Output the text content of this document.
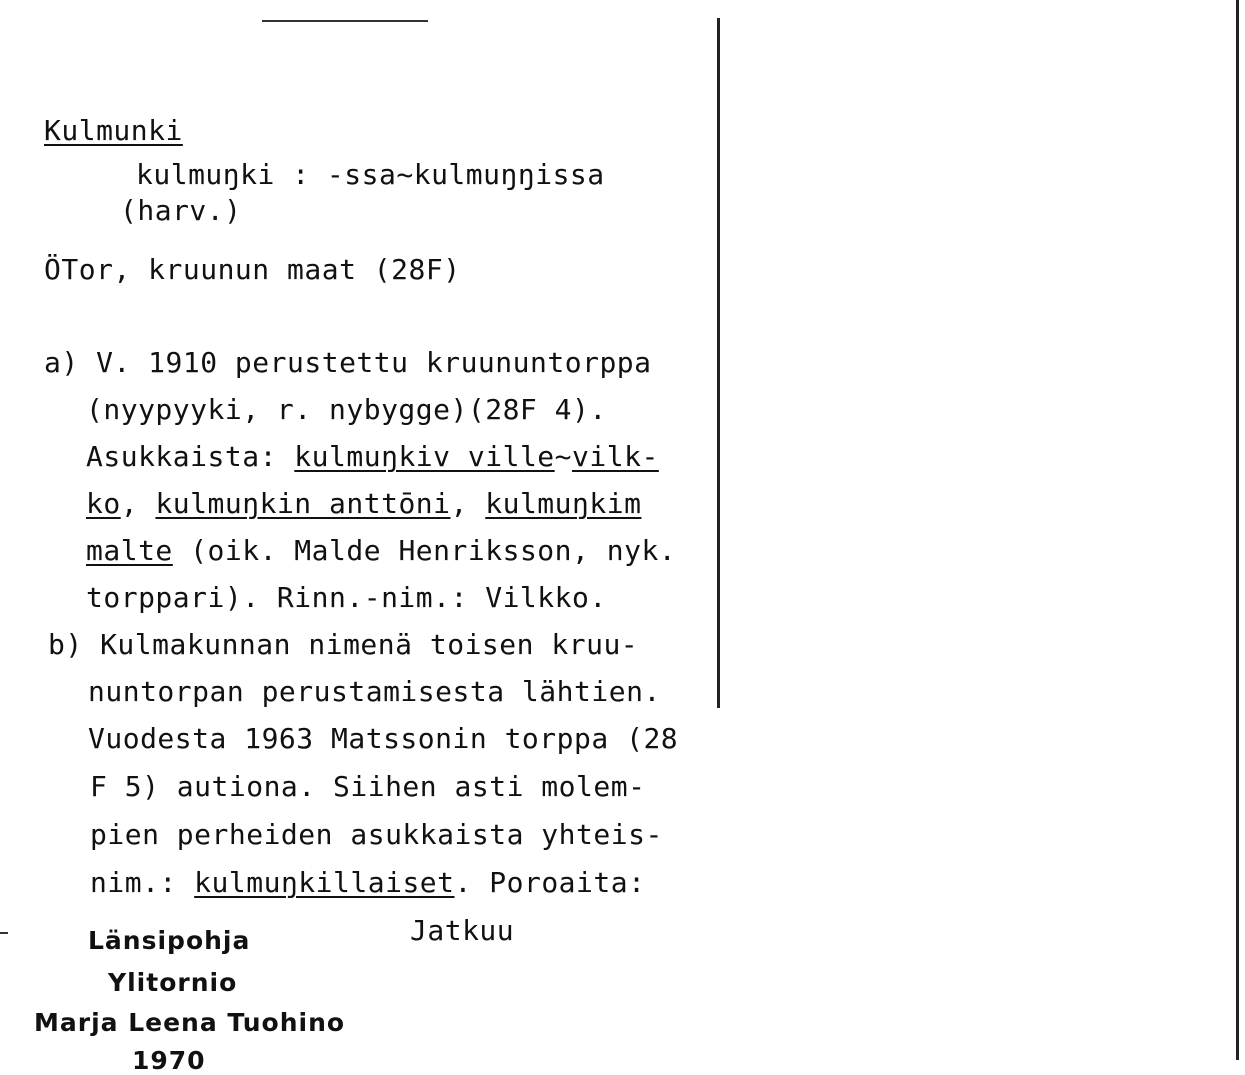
Kulmunki
kulmuŋki : -ssa~kulmuŋŋissa
(harv.)
ÖTor, kruunun maat (28F)
a) V. 1910 perustettu kruununtorppa
(nyypyyki, r. nybygge)(28F 4).
Asukkaista: kulmuŋkiv ville~vilk-
ko, kulmuŋkin anttōni, kulmuŋkim
malte (oik. Malde Henriksson, nyk.
torppari). Rinn.-nim.: Vilkko.
b) Kulmakunnan nimenä toisen kruu-
nuntorpan perustamisesta lähtien.
Vuodesta 1963 Matssonin torppa (28
F 5) autiona. Siihen asti molem-
pien perheiden asukkaista yhteis-
nim.: kulmuŋkillaiset. Poroaita:
Jatkuu
Länsipohja
Ylitornio
Marja Leena Tuohino
1970
